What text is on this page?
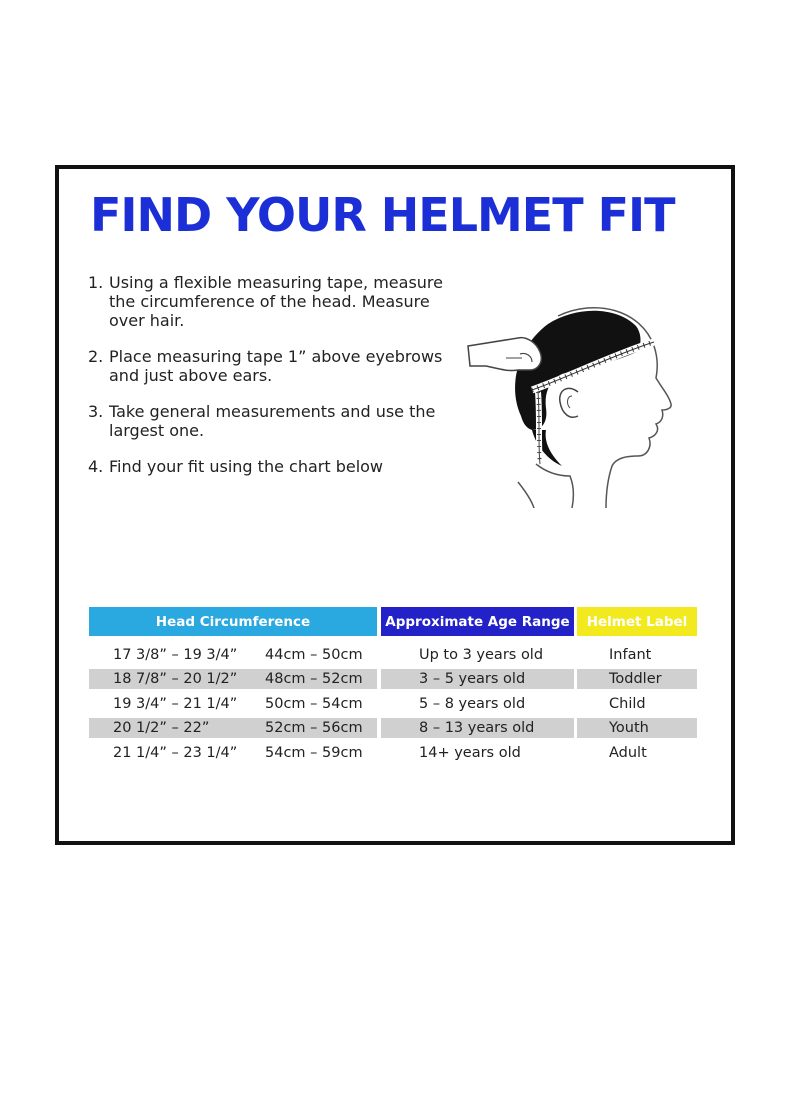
FIND YOUR HELMET FIT
1. Using a flexible measuring tape, measure the circumference of the head. Measure over hair.
2. Place measuring tape 1” above eyebrows and just above ears.
3. Take general measurements and use the largest one.
4. Find your fit using the chart below
Head Circumference	Approximate Age Range	Helmet Label
17 3/8” – 19 3/4” 44cm – 50cm	Up to 3 years old	Infant
18 7/8” – 20 1/2” 48cm – 52cm	3 – 5 years old	Toddler
19 3/4” – 21 1/4” 50cm – 54cm	5 – 8 years old	Child
20 1/2” – 22”	52cm – 56cm	8 – 13 years old	Youth
21 1/4” – 23 1/4” 54cm – 59cm	14+ years old	Adult
